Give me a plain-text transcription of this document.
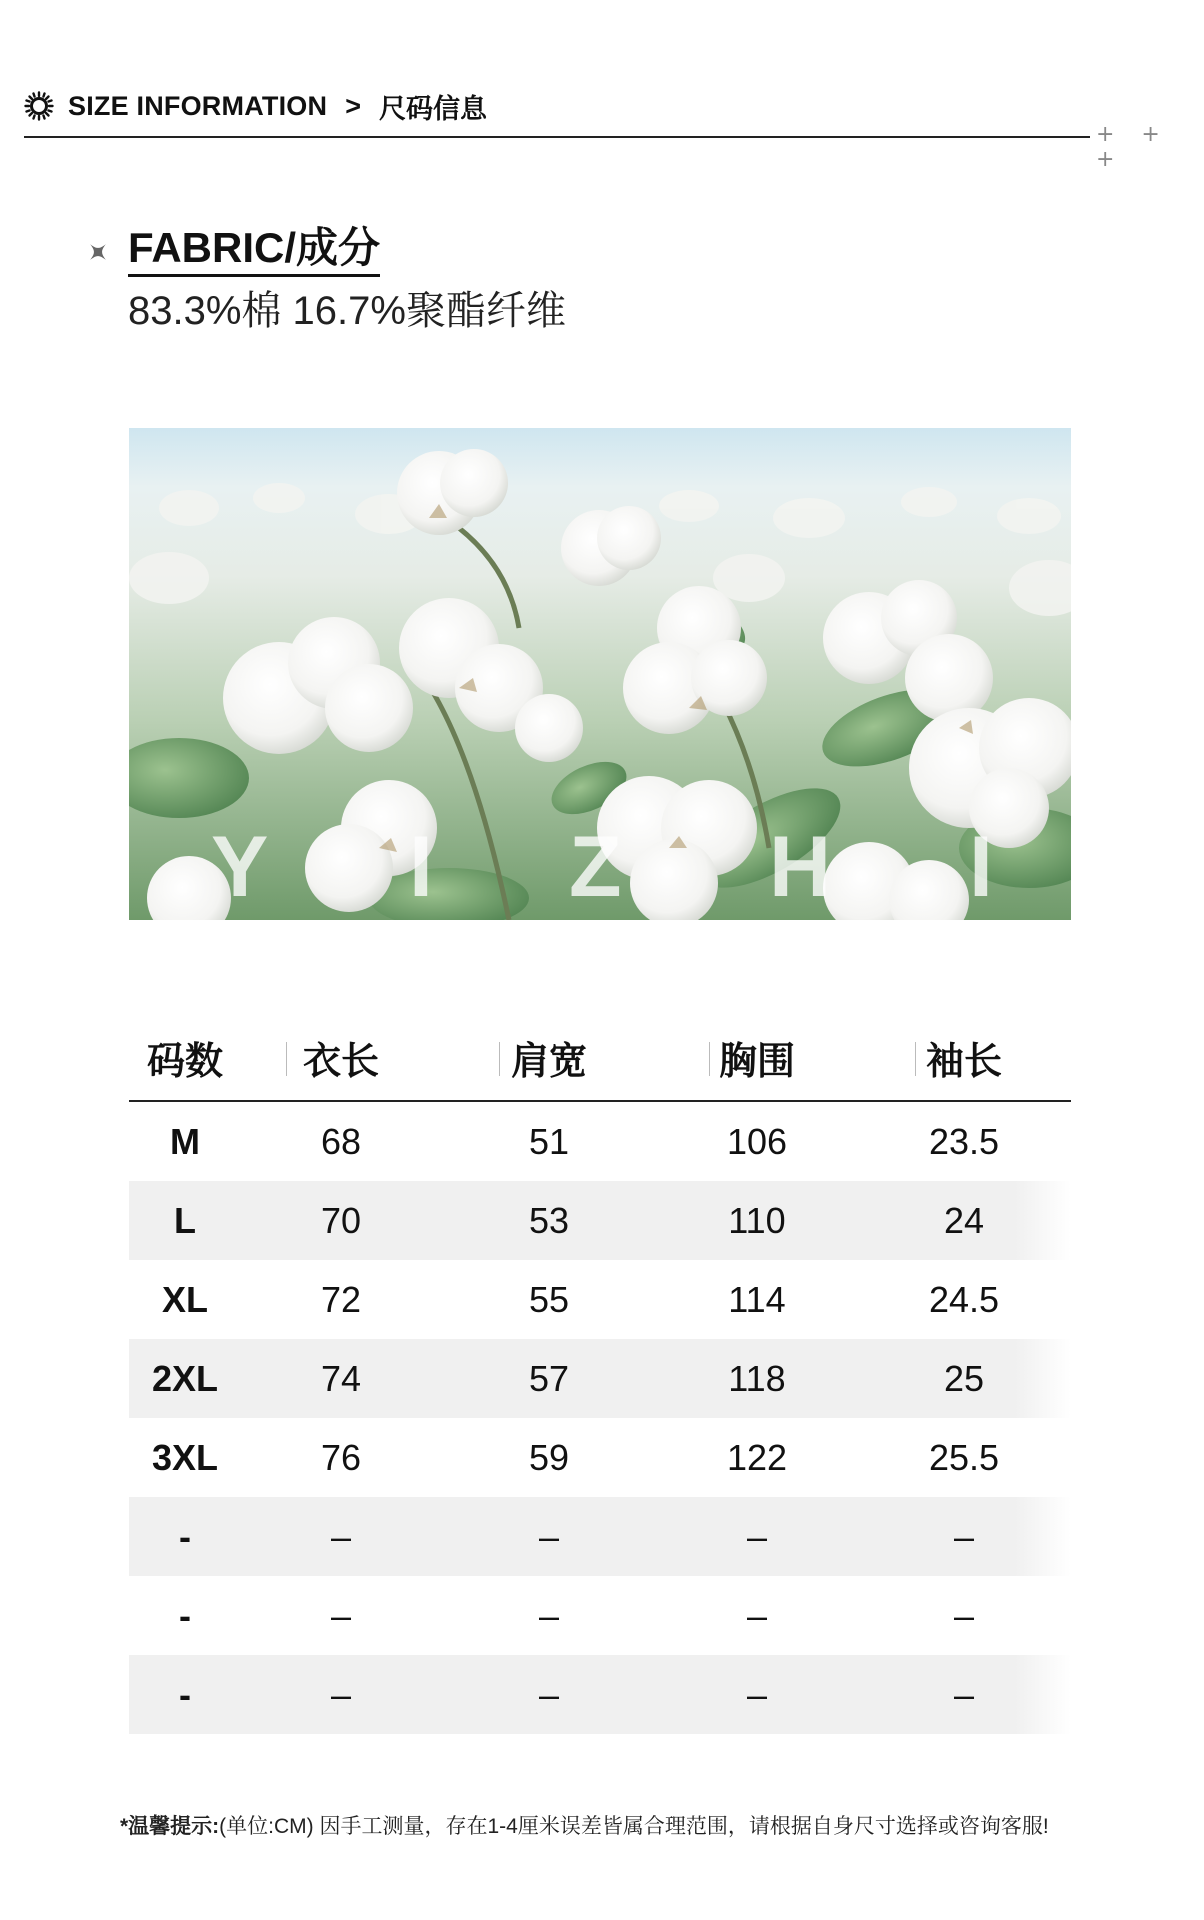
SIZE INFORMATION > 尺码信息
+ + +
FABRIC/成分
83.3%棉 16.7%聚酯纤维
Y I Z H I
码数	衣长	肩宽	胸围	袖长
M	68	51	106	23.5
L	70	53	110	24
XL	72	55	114	24.5
2XL	74	57	118	25
3XL	76	59	122	25.5
-	–	–	–	–
-	–	–	–	–
-	–	–	–	–
*温馨提示:(单位:CM) 因手工测量，存在1-4厘米误差皆属合理范围，请根据自身尺寸选择或咨询客服!
